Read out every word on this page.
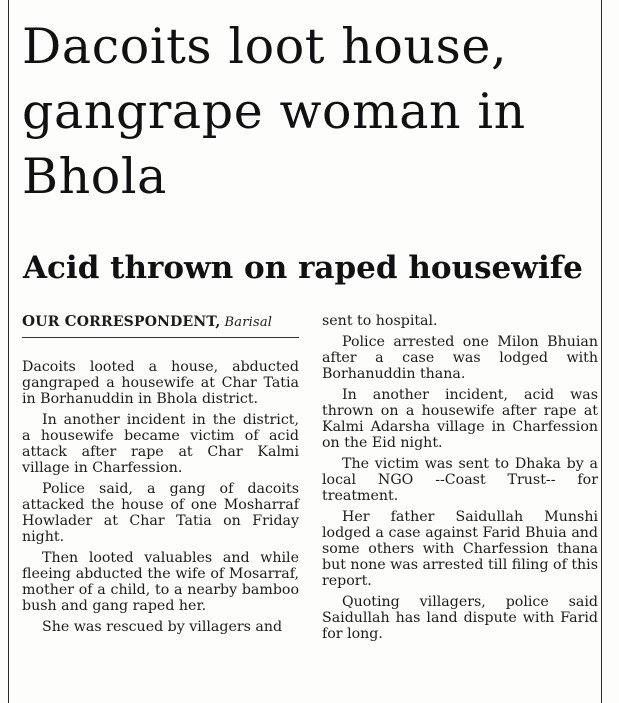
Dacoits loot house, gangrape woman in Bhola
Acid thrown on raped housewife
OUR CORRESPONDENT, Barisal

Dacoits looted a house, abducted gangraped a housewife at Char Tatia in Borhanuddin in Bhola district.

In another incident in the district, a housewife became victim of acid attack after rape at Char Kalmi village in Charfession.

Police said, a gang of dacoits attacked the house of one Mosharraf Howlader at Char Tatia on Friday night.

Then looted valuables and while fleeing abducted the wife of Mosarraf, mother of a child, to a nearby bamboo bush and gang raped her.

She was rescued by villagers and

sent to hospital.

Police arrested one Milon Bhuian after a case was lodged with Borhanuddin thana.

In another incident, acid was thrown on a housewife after rape at Kalmi Adarsha village in Charfession on the Eid night.

The victim was sent to Dhaka by a local NGO --Coast Trust-- for treatment.

Her father Saidullah Munshi lodged a case against Farid Bhuia and some others with Charfession thana but none was arrested till filing of this report.

Quoting villagers, police said Saidullah has land dispute with Farid for long.
